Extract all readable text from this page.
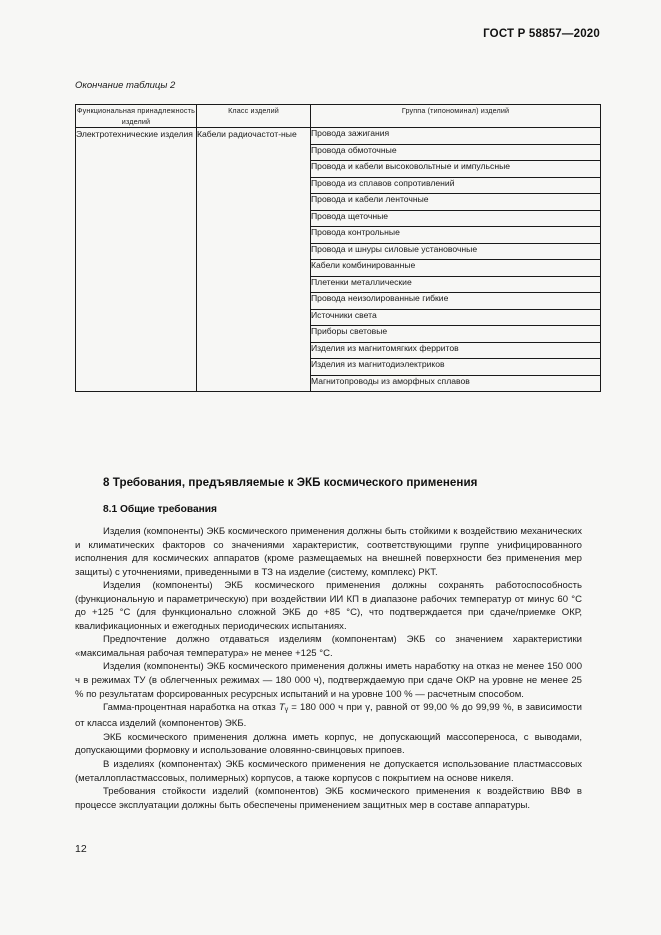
ГОСТ Р 58857—2020
Окончание таблицы 2
Функциональная принадлежность изделий	Класс изделий	Группа (типономинал) изделий
Электротехнические изделия	Кабели радиочастот-ные	Провода зажигания
		Провода обмоточные
		Провода и кабели высоковольтные и импульсные
		Провода из сплавов сопротивлений
		Провода и кабели ленточные
		Провода щеточные
		Провода контрольные
		Провода и шнуры силовые установочные
		Кабели комбинированные
		Плетенки металлические
		Провода неизолированные гибкие
		Источники света
		Приборы световые
		Изделия из магнитомягких ферритов
		Изделия из магнитодиэлектриков
		Магнитопроводы из аморфных сплавов
8 Требования, предъявляемые к ЭКБ космического применения
8.1 Общие требования

Изделия (компоненты) ЭКБ космического применения должны быть стойкими к воздействию механических и климатических факторов со значениями характеристик, соответствующими группе унифицированного исполнения для космических аппаратов (кроме размещаемых на внешней поверхности без применения мер защиты) с уточнениями, приведенными в ТЗ на изделие (систему, комплекс) РКТ.

Изделия (компоненты) ЭКБ космического применения должны сохранять работоспособность (функциональную и параметрическую) при воздействии ИИ КП в диапазоне рабочих температур от минус 60 °С до +125 °С (для функционально сложной ЭКБ до +85 °С), что подтверждается при сдаче/приемке ОКР, квалификационных и ежегодных периодических испытаниях.

Предпочтение должно отдаваться изделиям (компонентам) ЭКБ со значением характеристики «максимальная рабочая температура» не менее +125 °С.

Изделия (компоненты) ЭКБ космического применения должны иметь наработку на отказ не менее 150 000 ч в режимах ТУ (в облегченных режимах — 180 000 ч), подтверждаемую при сдаче ОКР на уровне не менее 25 % по результатам форсированных ресурсных испытаний и на уровне 100 % — расчетным способом.

Гамма-процентная наработка на отказ $T_\gamma = 180$ 000 ч при γ, равной от 99,00 % до 99,99 %, в зависимости от класса изделий (компонентов) ЭКБ.

ЭКБ космического применения должна иметь корпус, не допускающий массопереноса, с выводами, допускающими формовку и использование оловянно-свинцовых припоев.

В изделиях (компонентах) ЭКБ космического применения не допускается использование пластмассовых (металлопластмассовых, полимерных) корпусов, а также корпусов с покрытием на основе никеля.

Требования стойкости изделий (компонентов) ЭКБ космического применения к воздействию ВВФ в процессе эксплуатации должны быть обеспечены применением защитных мер в составе аппаратуры.

12
